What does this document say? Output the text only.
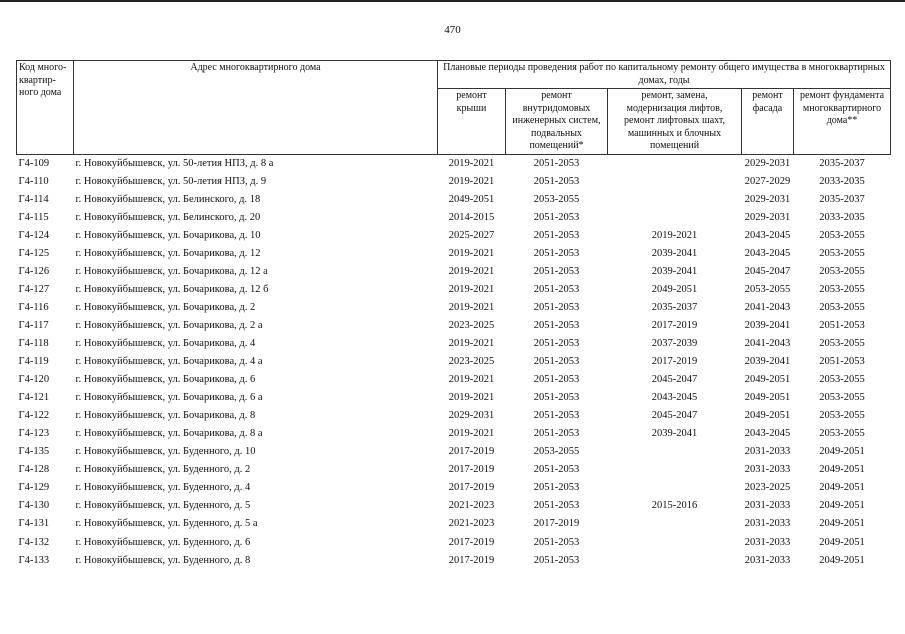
470
Код много-
квартир-
ного дома	Адрес многоквартирного дома	Плановые периоды проведения работ по капитальному ремонту общего имущества в многоквартирных домах, годы				
		ремонт
крыши	ремонт
внутридомовых
инженерных систем,
подвальных
помещений*	ремонт, замена,
модернизация лифтов,
ремонт лифтовых шахт,
машинных и блочных
помещений	ремонт
фасада	ремонт фундамента
многоквартирного
дома**
Г4-109	г. Новокуйбышевск, ул. 50-летия НПЗ, д. 8 а	2019-2021	2051-2053		2029-2031	2035-2037
Г4-110	г. Новокуйбышевск, ул. 50-летия НПЗ, д. 9	2019-2021	2051-2053		2027-2029	2033-2035
Г4-114	г. Новокуйбышевск, ул. Белинского, д. 18	2049-2051	2053-2055		2029-2031	2035-2037
Г4-115	г. Новокуйбышевск, ул. Белинского, д. 20	2014-2015	2051-2053		2029-2031	2033-2035
Г4-124	г. Новокуйбышевск, ул. Бочарикова, д. 10	2025-2027	2051-2053	2019-2021	2043-2045	2053-2055
Г4-125	г. Новокуйбышевск, ул. Бочарикова, д. 12	2019-2021	2051-2053	2039-2041	2043-2045	2053-2055
Г4-126	г. Новокуйбышевск, ул. Бочарикова, д. 12 а	2019-2021	2051-2053	2039-2041	2045-2047	2053-2055
Г4-127	г. Новокуйбышевск, ул. Бочарикова, д. 12 б	2019-2021	2051-2053	2049-2051	2053-2055	2053-2055
Г4-116	г. Новокуйбышевск, ул. Бочарикова, д. 2	2019-2021	2051-2053	2035-2037	2041-2043	2053-2055
Г4-117	г. Новокуйбышевск, ул. Бочарикова, д. 2 а	2023-2025	2051-2053	2017-2019	2039-2041	2051-2053
Г4-118	г. Новокуйбышевск, ул. Бочарикова, д. 4	2019-2021	2051-2053	2037-2039	2041-2043	2053-2055
Г4-119	г. Новокуйбышевск, ул. Бочарикова, д. 4 а	2023-2025	2051-2053	2017-2019	2039-2041	2051-2053
Г4-120	г. Новокуйбышевск, ул. Бочарикова, д. 6	2019-2021	2051-2053	2045-2047	2049-2051	2053-2055
Г4-121	г. Новокуйбышевск, ул. Бочарикова, д. 6 а	2019-2021	2051-2053	2043-2045	2049-2051	2053-2055
Г4-122	г. Новокуйбышевск, ул. Бочарикова, д. 8	2029-2031	2051-2053	2045-2047	2049-2051	2053-2055
Г4-123	г. Новокуйбышевск, ул. Бочарикова, д. 8 а	2019-2021	2051-2053	2039-2041	2043-2045	2053-2055
Г4-135	г. Новокуйбышевск, ул. Буденного, д. 10	2017-2019	2053-2055		2031-2033	2049-2051
Г4-128	г. Новокуйбышевск, ул. Буденного, д. 2	2017-2019	2051-2053		2031-2033	2049-2051
Г4-129	г. Новокуйбышевск, ул. Буденного, д. 4	2017-2019	2051-2053		2023-2025	2049-2051
Г4-130	г. Новокуйбышевск, ул. Буденного, д. 5	2021-2023	2051-2053	2015-2016	2031-2033	2049-2051
Г4-131	г. Новокуйбышевск, ул. Буденного, д. 5 а	2021-2023	2017-2019		2031-2033	2049-2051
Г4-132	г. Новокуйбышевск, ул. Буденного, д. 6	2017-2019	2051-2053		2031-2033	2049-2051
Г4-133	г. Новокуйбышевск, ул. Буденного, д. 8	2017-2019	2051-2053		2031-2033	2049-2051
